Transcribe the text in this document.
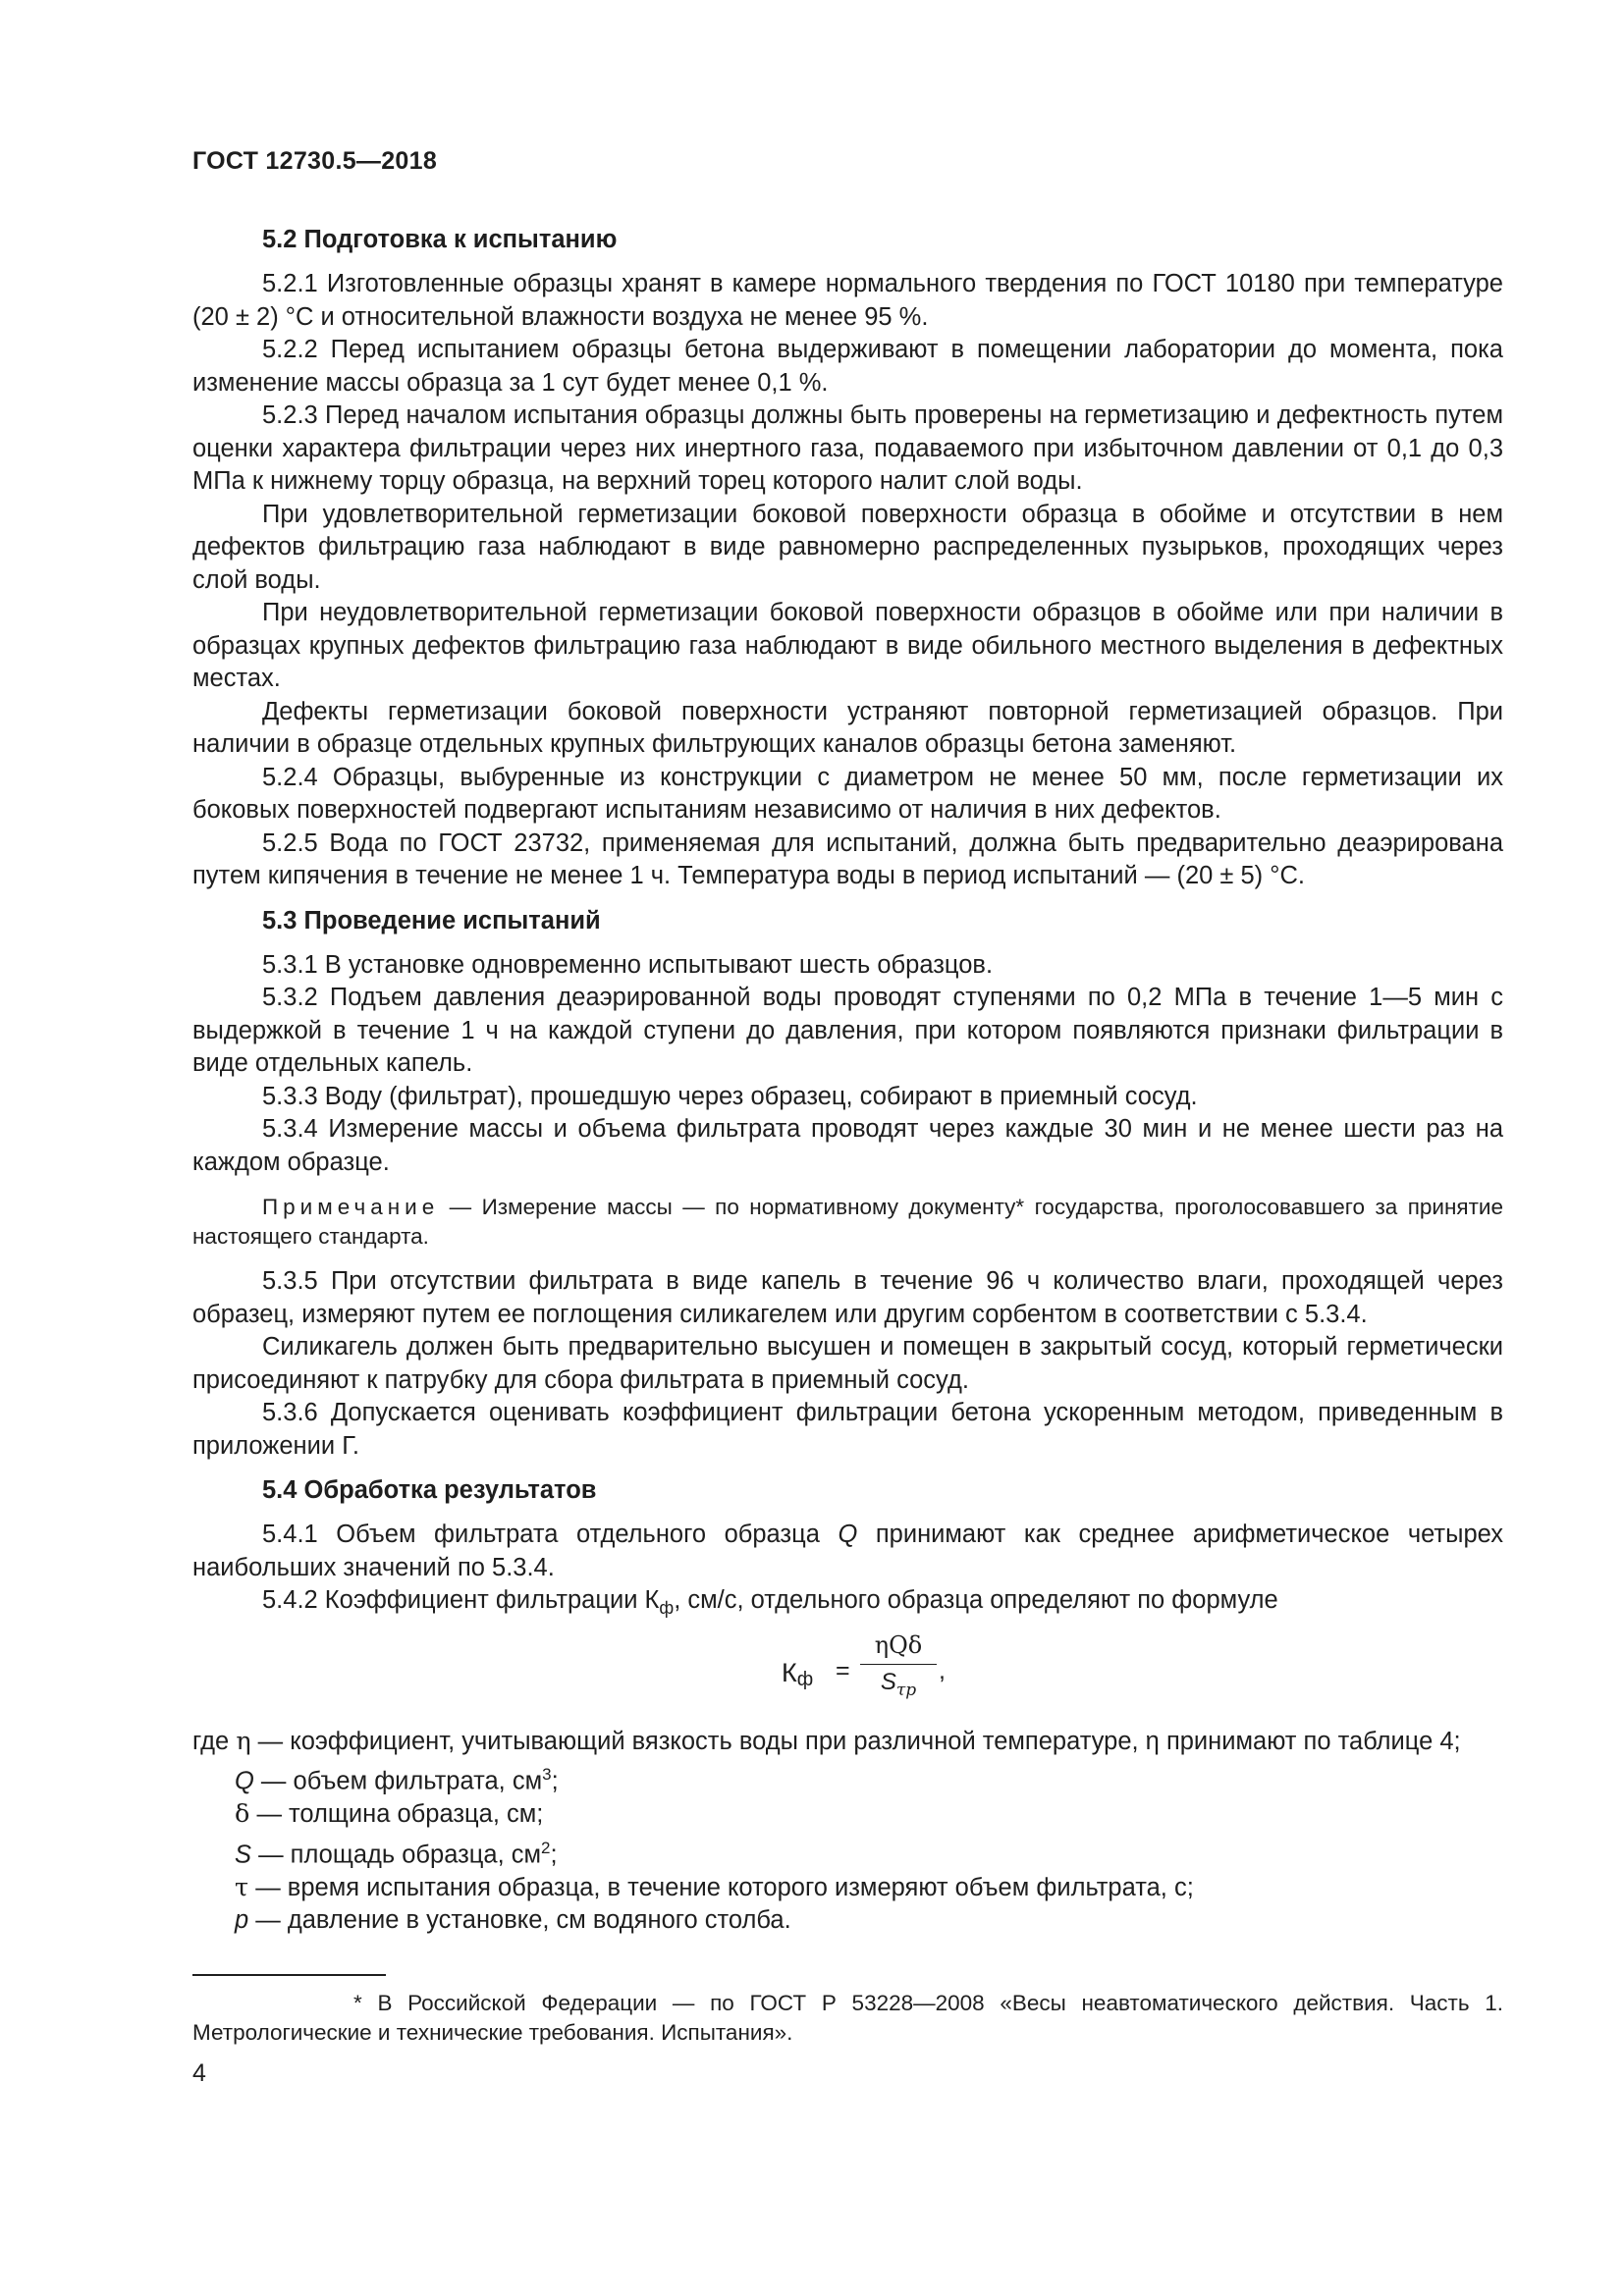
ГОСТ 12730.5—2018
5.2 Подготовка к испытанию

5.2.1 Изготовленные образцы хранят в камере нормального твердения по ГОСТ 10180 при температуре (20 ± 2) °С и относительной влажности воздуха не менее 95 %.

5.2.2 Перед испытанием образцы бетона выдерживают в помещении лаборатории до момента, пока изменение массы образца за 1 сут будет менее 0,1 %.

5.2.3 Перед началом испытания образцы должны быть проверены на герметизацию и дефектность путем оценки характера фильтрации через них инертного газа, подаваемого при избыточном давлении от 0,1 до 0,3 МПа к нижнему торцу образца, на верхний торец которого налит слой воды.

При удовлетворительной герметизации боковой поверхности образца в обойме и отсутствии в нем дефектов фильтрацию газа наблюдают в виде равномерно распределенных пузырьков, проходящих через слой воды.

При неудовлетворительной герметизации боковой поверхности образцов в обойме или при наличии в образцах крупных дефектов фильтрацию газа наблюдают в виде обильного местного выделения в дефектных местах.

Дефекты герметизации боковой поверхности устраняют повторной герметизацией образцов. При наличии в образце отдельных крупных фильтрующих каналов образцы бетона заменяют.

5.2.4 Образцы, выбуренные из конструкции с диаметром не менее 50 мм, после герметизации их боковых поверхностей подвергают испытаниям независимо от наличия в них дефектов.

5.2.5 Вода по ГОСТ 23732, применяемая для испытаний, должна быть предварительно деаэрирована путем кипячения в течение не менее 1 ч. Температура воды в период испытаний — (20 ± 5) °С.

5.3 Проведение испытаний

5.3.1 В установке одновременно испытывают шесть образцов.

5.3.2 Подъем давления деаэрированной воды проводят ступенями по 0,2 МПа в течение 1—5 мин с выдержкой в течение 1 ч на каждой ступени до давления, при котором появляются признаки фильтрации в виде отдельных капель.

5.3.3 Воду (фильтрат), прошедшую через образец, собирают в приемный сосуд.

5.3.4 Измерение массы и объема фильтрата проводят через каждые 30 мин и не менее шести раз на каждом образце.

Примечание — Измерение массы — по нормативному документу* государства, проголосовавшего за принятие настоящего стандарта.

5.3.5 При отсутствии фильтрата в виде капель в течение 96 ч количество влаги, проходящей через образец, измеряют путем ее поглощения силикагелем или другим сорбентом в соответствии с 5.3.4.

Силикагель должен быть предварительно высушен и помещен в закрытый сосуд, который герметически присоединяют к патрубку для сбора фильтрата в приемный сосуд.

5.3.6 Допускается оценивать коэффициент фильтрации бетона ускоренным методом, приведенным в приложении Г.

5.4 Обработка результатов

5.4.1 Объем фильтрата отдельного образца Q принимают как среднее арифметическое четырех наибольших значений по 5.3.4.

5.4.2 Коэффициент фильтрации $К_ф$, см/с, отдельного образца определяют по формуле

$К_ф$ =
ηQδ
$S_{\tau p}$
,
где η — коэффициент, учитывающий вязкость воды при различной температуре, η принимают по таблице 4;
Q — объем фильтрата, $см^3$;
δ — толщина образца, см;
S — площадь образца, $см^2$;
τ — время испытания образца, в течение которого измеряют объем фильтрата, с;
p — давление в установке, см водяного столба.
* В Российской Федерации — по ГОСТ Р 53228—2008 «Весы неавтоматического действия. Часть 1. Метрологические и технические требования. Испытания».
4
